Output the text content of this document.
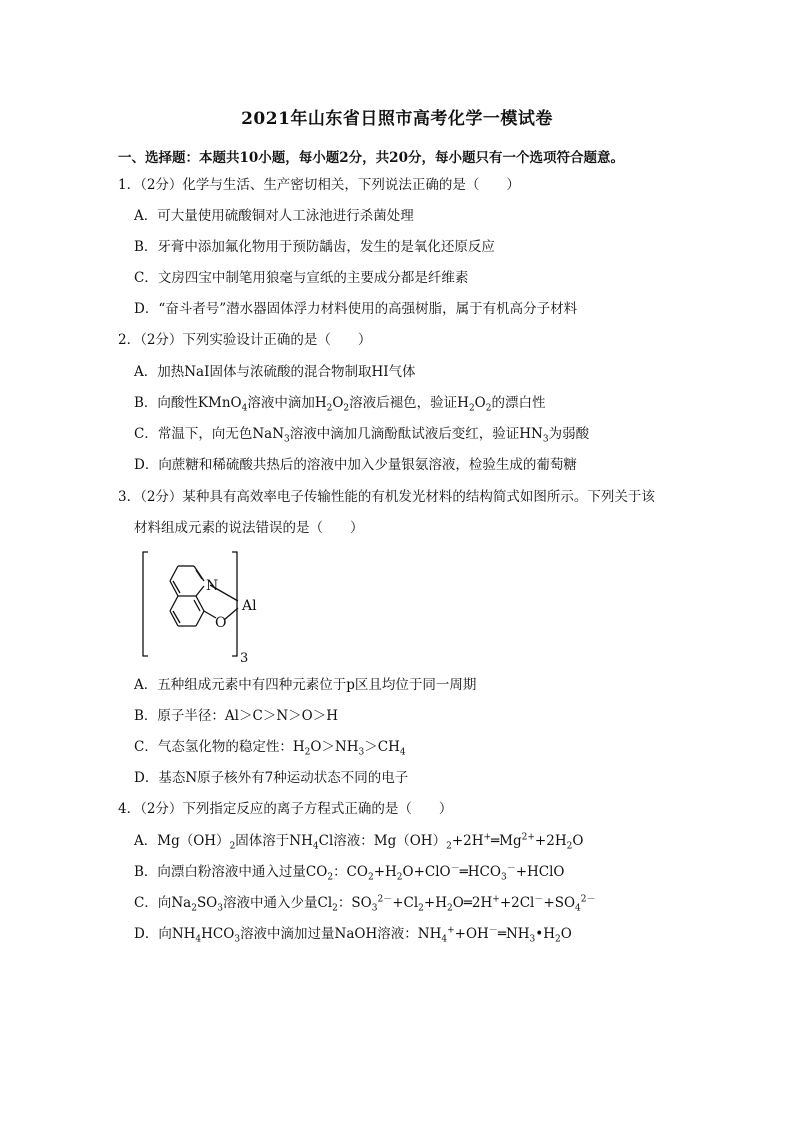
2021年山东省日照市高考化学一模试卷
一、选择题：本题共10小题，每小题2分，共20分，每小题只有一个选项符合题意。
1．（2分）化学与生活、生产密切相关，下列说法正确的是（　　）
A．可大量使用硫酸铜对人工泳池进行杀菌处理
B．牙膏中添加氟化物用于预防龋齿，发生的是氧化还原反应
C．文房四宝中制笔用狼毫与宣纸的主要成分都是纤维素
D．“奋斗者号”潜水器固体浮力材料使用的高强树脂，属于有机高分子材料
2．（2分）下列实验设计正确的是（　　）
A．加热NaI固体与浓硫酸的混合物制取HI气体
B．向酸性KMnO$_4$溶液中滴加$H_2O_2$溶液后褪色，验证$H_2O_2$的漂白性
C．常温下，向无色NaN$_3$溶液中滴加几滴酚酞试液后变红，验证$HN_3$为弱酸
D．向蔗糖和稀硫酸共热后的溶液中加入少量银氨溶液，检验生成的葡萄糖
3．（2分）某种具有高效率电子传输性能的有机发光材料的结构简式如图所示。下列关于该
材料组成元素的说法错误的是（　　）
N
Al
O
3
A．五种组成元素中有四种元素位于p区且均位于同一周期
B．原子半径：Al＞C＞N＞O＞H
C．气态氢化物的稳定性：$H_2O>NH_3>CH_4$
D．基态N原子核外有7种运动状态不同的电子
4．（2分）下列指定反应的离子方程式正确的是（　　）
A．$Mg(OH)_2$固体溶于$NH_4Cl$溶液：$Mg(OH)_2+2H^+═Mg^{2+}+2H_2O$
B．向漂白粉溶液中通入过量$CO_2$：$CO_2+H_2O+ClO^-═HCO_3^-+HClO$
C．向$Na_2SO_3$溶液中通入少量$Cl_2$：$SO_3^{2-}+Cl_2+H_2O═2H^++2Cl^-+SO_4^{2-}$
D．向$NH_4HCO_3$溶液中滴加过量NaOH溶液：$NH_4^++OH^-═NH_3•H_2O$
